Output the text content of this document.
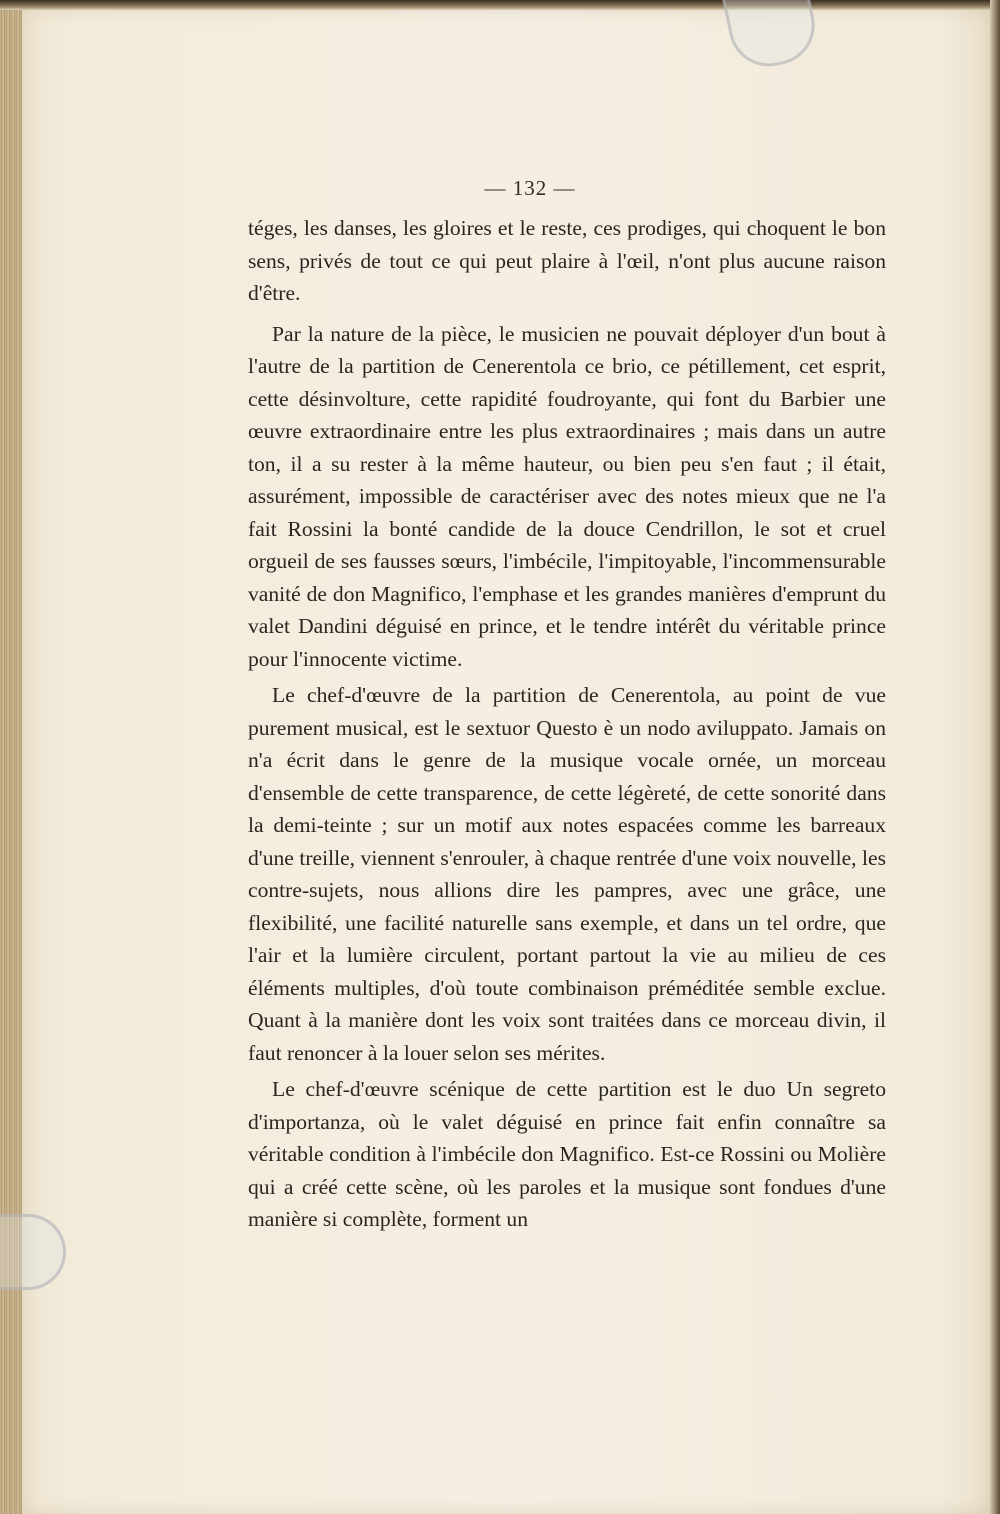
— 132 —

téges, les danses, les gloires et le reste, ces prodiges, qui choquent le bon sens, privés de tout ce qui peut plaire à l'œil, n'ont plus aucune raison d'être.

Par la nature de la pièce, le musicien ne pouvait déployer d'un bout à l'autre de la partition de Cenerentola ce brio, ce pétillement, cet esprit, cette désinvolture, cette rapidité foudroyante, qui font du Barbier une œuvre extraordinaire entre les plus extraordinaires ; mais dans un autre ton, il a su rester à la même hauteur, ou bien peu s'en faut ; il était, assurément, impossible de caractériser avec des notes mieux que ne l'a fait Rossini la bonté candide de la douce Cendrillon, le sot et cruel orgueil de ses fausses sœurs, l'imbécile, l'impitoyable, l'incommensurable vanité de don Magnifico, l'emphase et les grandes manières d'emprunt du valet Dandini déguisé en prince, et le tendre intérêt du véritable prince pour l'innocente victime.

Le chef-d'œuvre de la partition de Cenerentola, au point de vue purement musical, est le sextuor Questo è un nodo aviluppato. Jamais on n'a écrit dans le genre de la musique vocale ornée, un morceau d'ensemble de cette transparence, de cette légèreté, de cette sonorité dans la demi-teinte ; sur un motif aux notes espacées comme les barreaux d'une treille, viennent s'enrouler, à chaque rentrée d'une voix nouvelle, les contre-sujets, nous allions dire les pampres, avec une grâce, une flexibilité, une facilité naturelle sans exemple, et dans un tel ordre, que l'air et la lumière circulent, portant partout la vie au milieu de ces éléments multiples, d'où toute combinaison préméditée semble exclue. Quant à la manière dont les voix sont traitées dans ce morceau divin, il faut renoncer à la louer selon ses mérites.

Le chef-d'œuvre scénique de cette partition est le duo Un segreto d'importanza, où le valet déguisé en prince fait enfin connaître sa véritable condition à l'imbécile don Magnifico. Est-ce Rossini ou Molière qui a créé cette scène, où les paroles et la musique sont fondues d'une manière si complète, forment un
